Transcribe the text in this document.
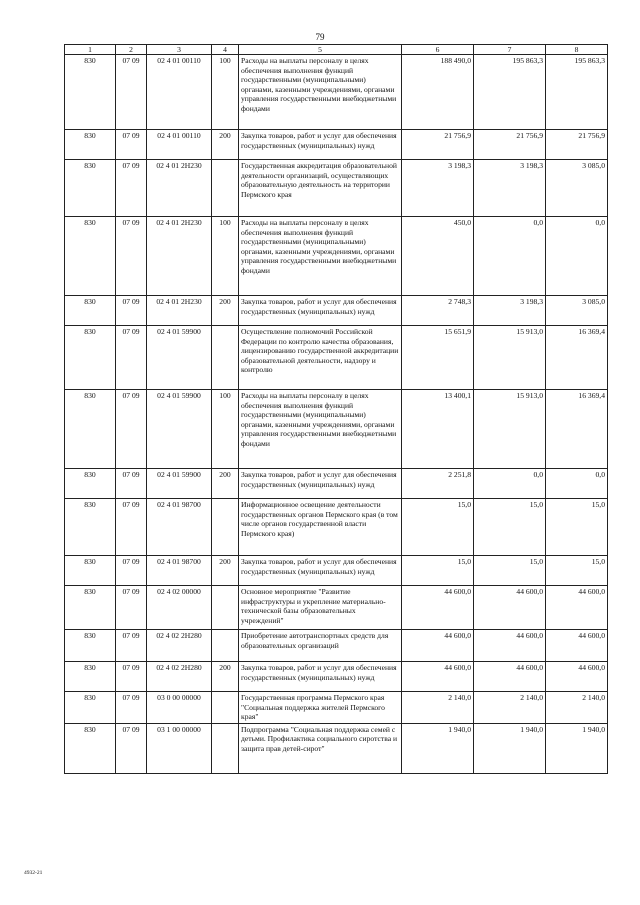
79
1	2	3	4	5	6	7	8
830	07 09	02 4 01 00110	100	Расходы на выплаты персоналу в целях обеспечения выполнения функций государственными (муниципальными) органами, казенными учреждениями, органами управления государственными внебюджетными фондами	188 490,0	195 863,3	195 863,3
830	07 09	02 4 01 00110	200	Закупка товаров, работ и услуг для обеспечения государственных (муниципальных) нужд	21 756,9	21 756,9	21 756,9
830	07 09	02 4 01 2Н230		Государственная аккредитация образовательной деятельности организаций, осуществляющих образовательную деятельность на территории Пермского края	3 198,3	3 198,3	3 085,0
830	07 09	02 4 01 2Н230	100	Расходы на выплаты персоналу в целях обеспечения выполнения функций государственными (муниципальными) органами, казенными учреждениями, органами управления государственными внебюджетными фондами	450,0	0,0	0,0
830	07 09	02 4 01 2Н230	200	Закупка товаров, работ и услуг для обеспечения государственных (муниципальных) нужд	2 748,3	3 198,3	3 085,0
830	07 09	02 4 01 59900		Осуществление полномочий Российской Федерации по контролю качества образования, лицензированию государственной аккредитации образовательной деятельности, надзору и контролю	15 651,9	15 913,0	16 369,4
830	07 09	02 4 01 59900	100	Расходы на выплаты персоналу в целях обеспечения выполнения функций государственными (муниципальными) органами, казенными учреждениями, органами управления государственными внебюджетными фондами	13 400,1	15 913,0	16 369,4
830	07 09	02 4 01 59900	200	Закупка товаров, работ и услуг для обеспечения государственных (муниципальных) нужд	2 251,8	0,0	0,0
830	07 09	02 4 01 98700		Информационное освещение деятельности государственных органов Пермского края (в том числе органов государственной власти Пермского края)	15,0	15,0	15,0
830	07 09	02 4 01 98700	200	Закупка товаров, работ и услуг для обеспечения государственных (муниципальных) нужд	15,0	15,0	15,0
830	07 09	02 4 02 00000		Основное мероприятие "Развитие инфраструктуры и укрепление материально-технической базы образовательных учреждений"	44 600,0	44 600,0	44 600,0
830	07 09	02 4 02 2Н280		Приобретение автотранспортных средств для образовательных организаций	44 600,0	44 600,0	44 600,0
830	07 09	02 4 02 2Н280	200	Закупка товаров, работ и услуг для обеспечения государственных (муниципальных) нужд	44 600,0	44 600,0	44 600,0
830	07 09	03 0 00 00000		Государственная программа Пермского края "Социальная поддержка жителей Пермского края"	2 140,0	2 140,0	2 140,0
830	07 09	03 1 00 00000		Подпрограмма "Социальная поддержка семей с детьми. Профилактика социального сиротства и защита прав детей-сирот"	1 940,0	1 940,0	1 940,0
4932-21
